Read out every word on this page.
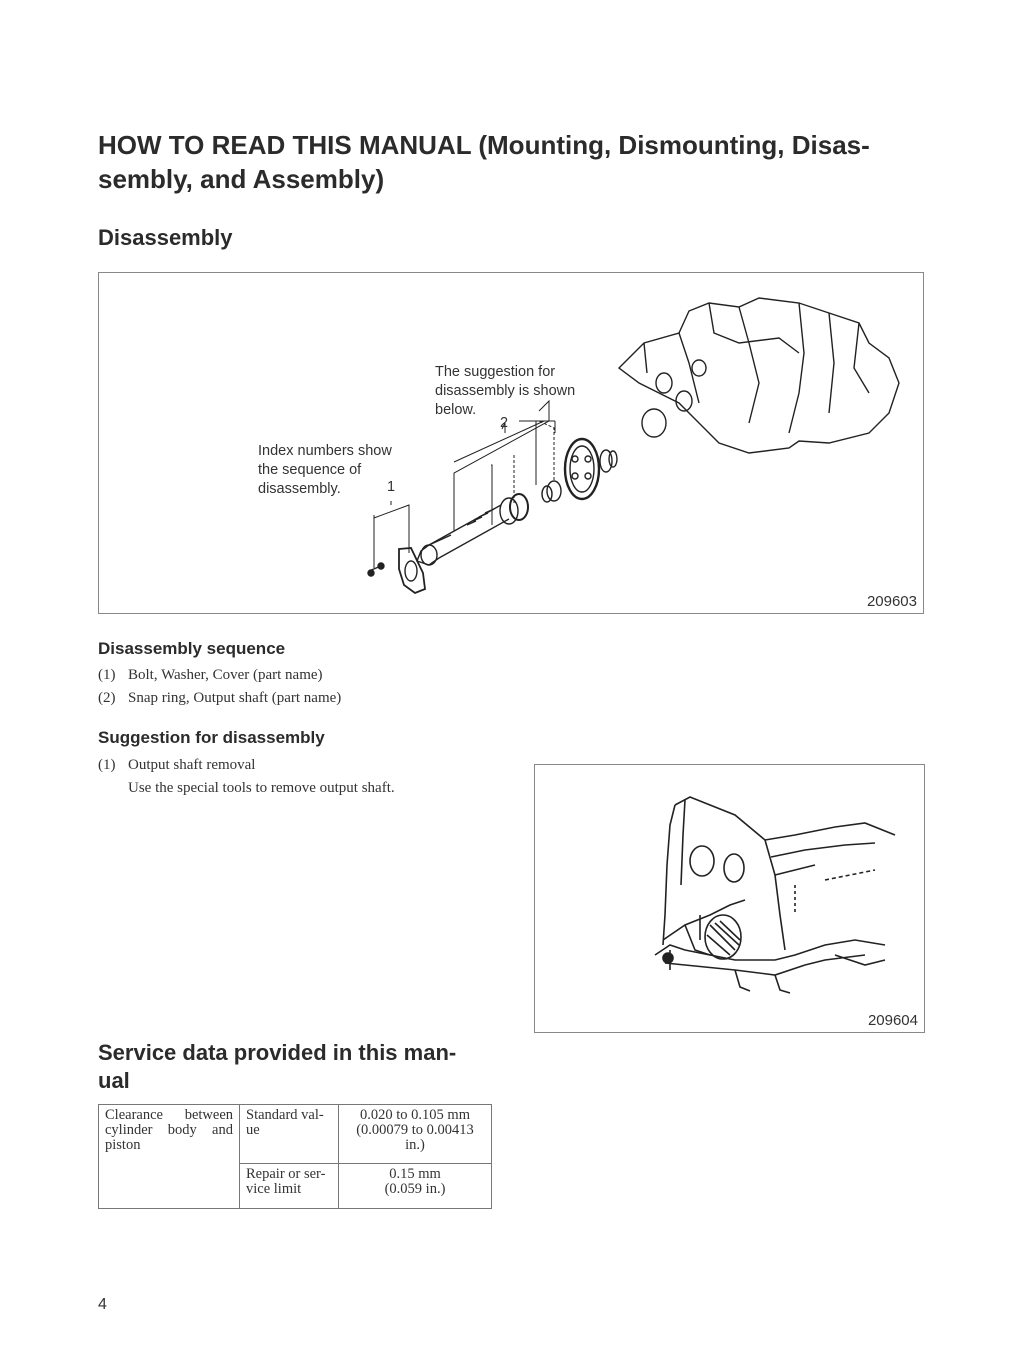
HOW TO READ THIS MANUAL (Mounting, Dismounting, Disas-
sembly, and Assembly)
Disassembly
The suggestion for
disassembly is shown
below.
2
Index numbers show
the sequence of
disassembly.	1
209603
Disassembly sequence
(1) Bolt, Washer, Cover (part name)
(2) Snap ring, Output shaft (part name)
Suggestion for disassembly
(1) Output shaft removal
Use the special tools to remove output shaft.
209604
Service data provided in this man-
ual
Clearance between cylinder body and piston	Standard val-
ue	0.020 to 0.105 mm
(0.00079 to 0.00413
in.)
	Repair or ser-
vice limit	0.15 mm
(0.059 in.)
4
